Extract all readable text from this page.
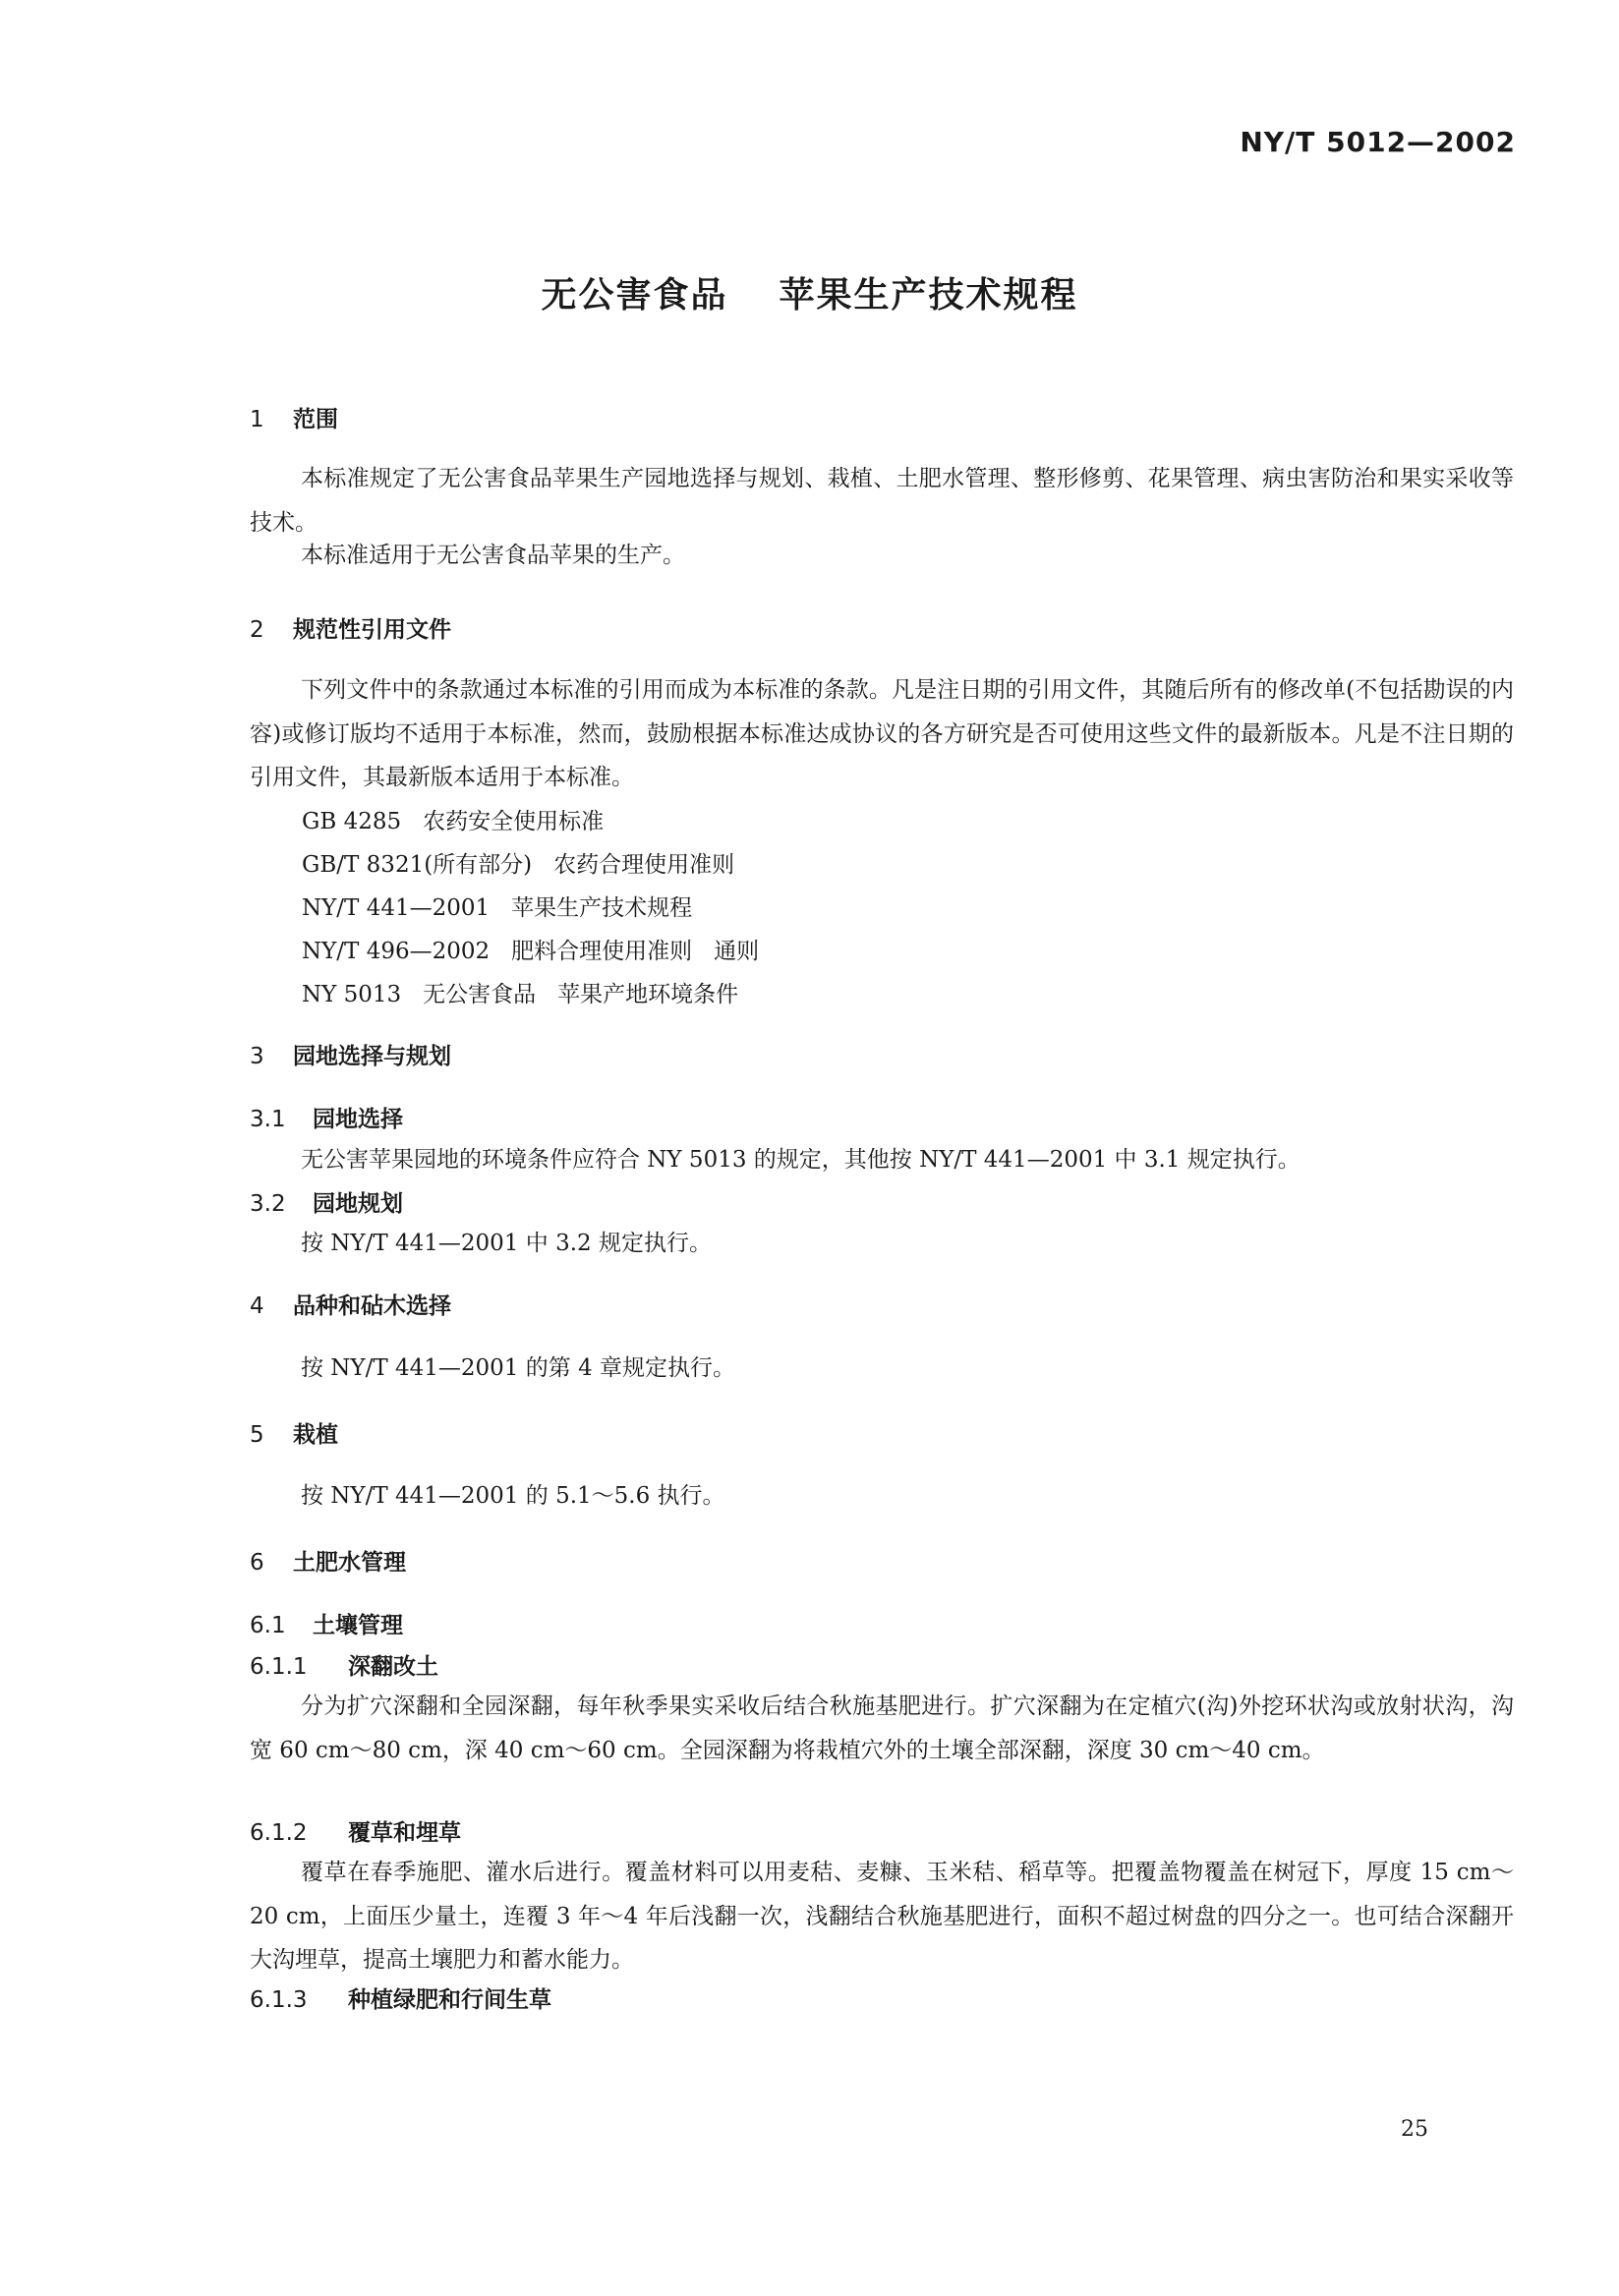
NY/T 5012—2002
无公害食品 苹果生产技术规程
1 范围
本标准规定了无公害食品苹果生产园地选择与规划、栽植、土肥水管理、整形修剪、花果管理、病虫害防治和果实采收等技术。
本标准适用于无公害食品苹果的生产。
2 规范性引用文件
下列文件中的条款通过本标准的引用而成为本标准的条款。凡是注日期的引用文件，其随后所有的修改单(不包括勘误的内容)或修订版均不适用于本标准，然而，鼓励根据本标准达成协议的各方研究是否可使用这些文件的最新版本。凡是不注日期的引用文件，其最新版本适用于本标准。
GB 4285 农药安全使用标准
GB/T 8321(所有部分) 农药合理使用准则
NY/T 441—2001 苹果生产技术规程
NY/T 496—2002 肥料合理使用准则 通则
NY 5013 无公害食品 苹果产地环境条件
3 园地选择与规划
3.1 园地选择
无公害苹果园地的环境条件应符合 NY 5013 的规定，其他按 NY/T 441—2001 中 3.1 规定执行。
3.2 园地规划
按 NY/T 441—2001 中 3.2 规定执行。
4 品种和砧木选择
按 NY/T 441—2001 的第 4 章规定执行。
5 栽植
按 NY/T 441—2001 的 5.1～5.6 执行。
6 土肥水管理
6.1 土壤管理
6.1.1 深翻改土
分为扩穴深翻和全园深翻，每年秋季果实采收后结合秋施基肥进行。扩穴深翻为在定植穴(沟)外挖环状沟或放射状沟，沟宽 60 cm～80 cm，深 40 cm～60 cm。全园深翻为将栽植穴外的土壤全部深翻，深度 30 cm～40 cm。
6.1.2 覆草和埋草
覆草在春季施肥、灌水后进行。覆盖材料可以用麦秸、麦糠、玉米秸、稻草等。把覆盖物覆盖在树冠下，厚度 15 cm～20 cm，上面压少量土，连覆 3 年～4 年后浅翻一次，浅翻结合秋施基肥进行，面积不超过树盘的四分之一。也可结合深翻开大沟埋草，提高土壤肥力和蓄水能力。
6.1.3 种植绿肥和行间生草
25
